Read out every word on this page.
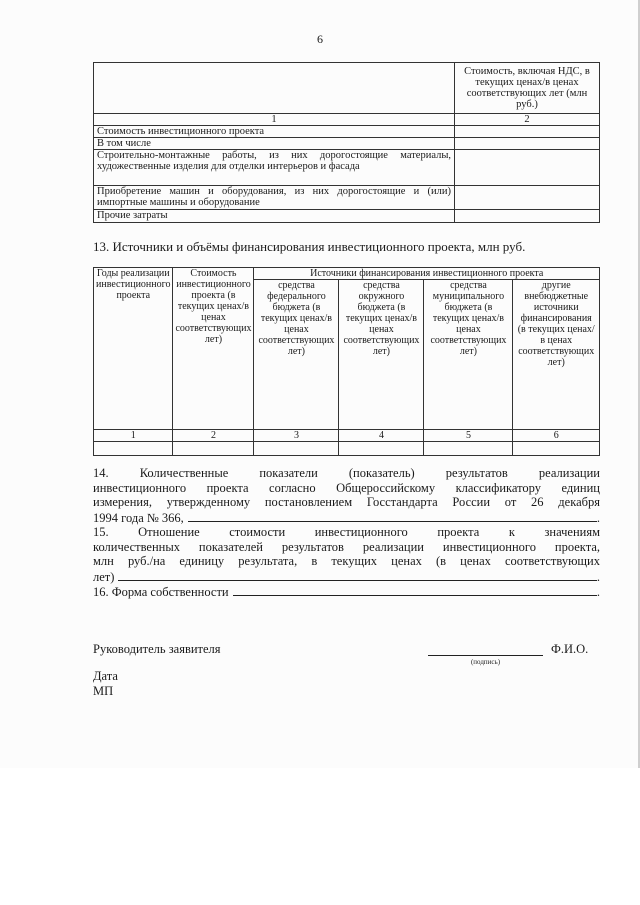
6
	Стоимость, включая НДС, в текущих ценах/в ценах соответствующих лет (млн руб.)
1	2
Стоимость инвестиционного проекта	
В том числе	
Строительно-монтажные работы, из них дорогостоящие материалы, художественные изделия для отделки интерьеров и фасада	
Приобретение машин и оборудования, из них дорогостоящие и (или) импортные машины и оборудование	
Прочие затраты	
13. Источники и объёмы финансирования инвестиционного проекта, млн руб.
Годы реализации инвестиционного проекта	Стоимость инвестиционного проекта (в текущих ценах/в ценах соответствующих лет)	Источники финансирования инвестиционного проекта			
		средства федерального бюджета (в текущих ценах/в ценах соответствующих лет)	средства окружного бюджета (в текущих ценах/в ценах соответствующих лет)	средства муниципального бюджета (в текущих ценах/в ценах соответствующих лет)	другие внебюджетные источники финансирования (в текущих ценах/в ценах соответствующих лет)
1	2	3	4	5	6

14. Количественные показатели (показатель) результатов реализации
инвестиционного проекта согласно Общероссийскому классификатору единиц
измерения, утвержденному постановлением Госстандарта России от 26 декабря
1994 года № 366,	.
15. Отношение стоимости инвестиционного проекта к значениям
количественных показателей результатов реализации инвестиционного проекта,
млн руб./на единицу результата, в текущих ценах (в ценах соответствующих
лет)	.
16. Форма собственности	.
Руководитель заявителя	Ф.И.О.
(подпись)
Дата
МП
